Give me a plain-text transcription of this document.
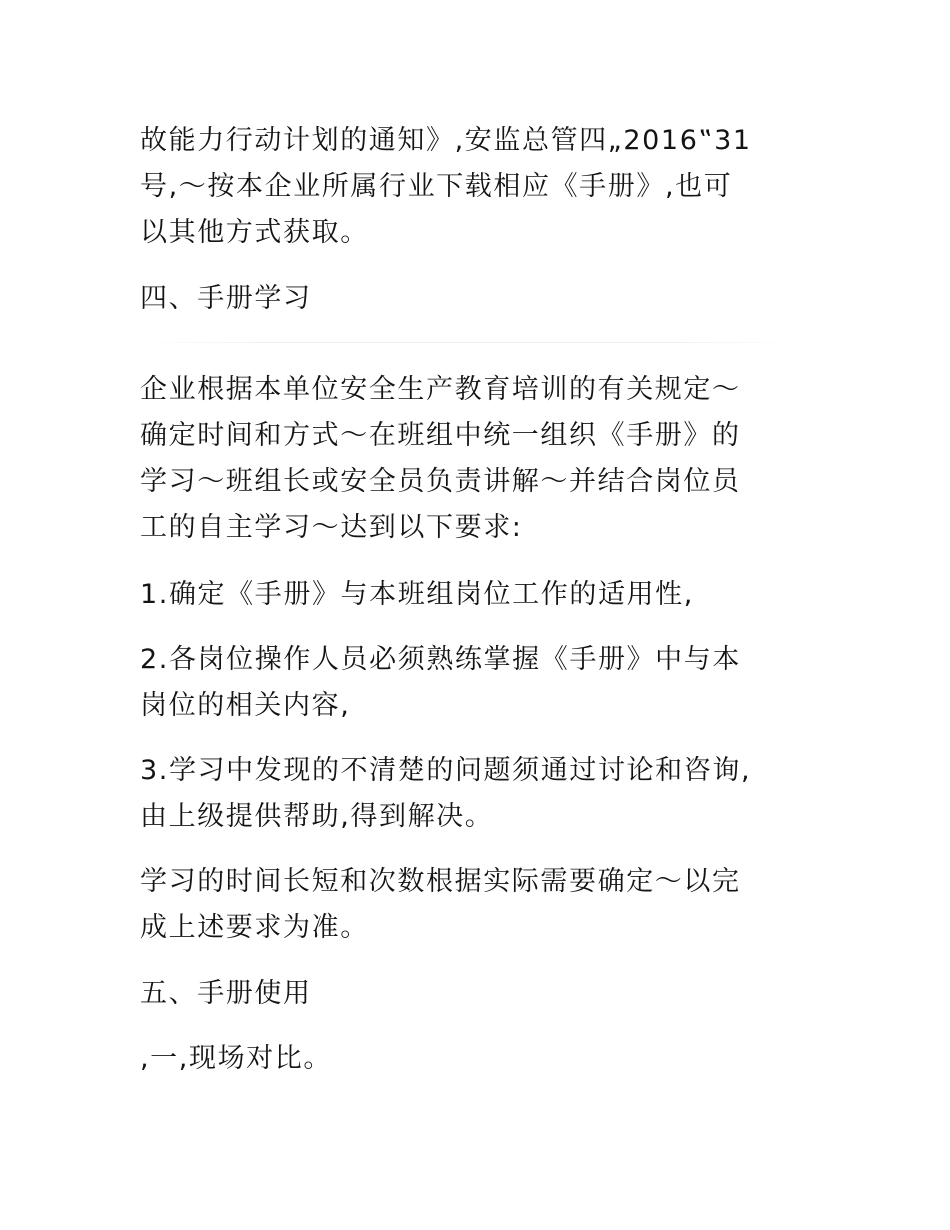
故能力行动计划的通知》,安监总管四„2016‟31
号,～按本企业所属行业下载相应《手册》,也可
以其他方式获取。
四、手册学习
企业根据本单位安全生产教育培训的有关规定～
确定时间和方式～在班组中统一组织《手册》的
学习～班组长或安全员负责讲解～并结合岗位员
工的自主学习～达到以下要求:
1.确定《手册》与本班组岗位工作的适用性,
2.各岗位操作人员必须熟练掌握《手册》中与本
岗位的相关内容,
3.学习中发现的不清楚的问题须通过讨论和咨询,
由上级提供帮助,得到解决。
学习的时间长短和次数根据实际需要确定～以完
成上述要求为准。
五、手册使用
,一,现场对比。
